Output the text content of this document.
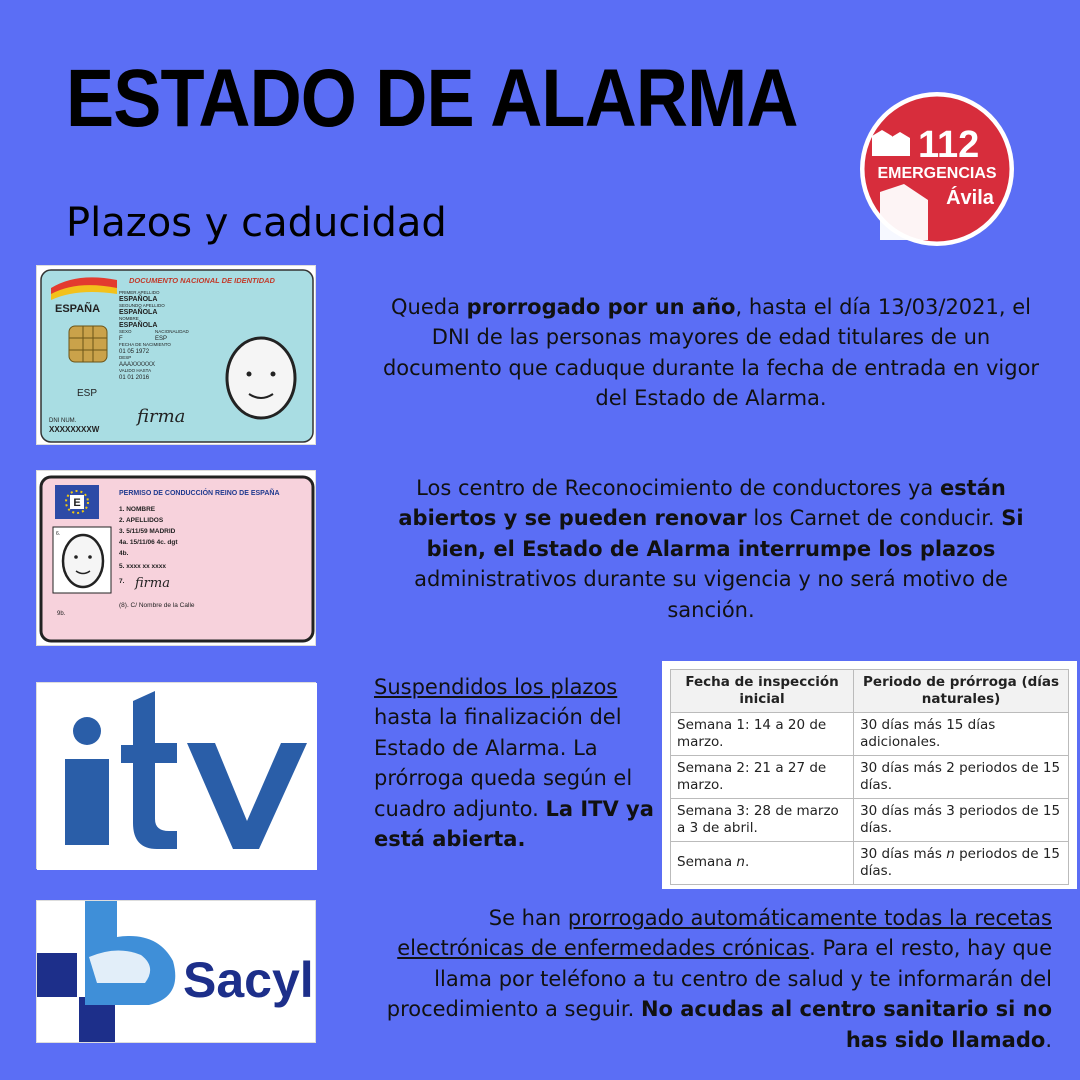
ESTADO DE ALARMA
Plazos y caducidad
112
EMERGENCIAS
Ávila
DOCUMENTO NACIONAL DE IDENTIDAD
ESPAÑA
PRIMER APELLIDO
ESPAÑOLA
SEGUNDO APELLIDO
ESPAÑOLA
NOMBRE
ESPAÑOLA
SEXO	NACIONALIDAD
F	ESP
FECHA DE NACIMIENTO
01 05 1972
DESP
AAAXXXXXX
VALIDO HASTA
01 01 2016
ESP
DNI NUM.
XXXXXXXXW
firma
E
PERMISO DE CONDUCCIÓN REINO DE ESPAÑA
1. NOMBRE
2. APELLIDOS
3. 5/11/59 MADRID
4a. 15/11/06 4c. dgt
4b.
5. xxxx xx xxxx
7.
(8). C/ Nombre de la Calle
firma
6.
9b.
itv
Sacyl
Queda prorrogado por un año, hasta el día 13/03/2021, el DNI de las personas mayores de edad titulares de un documento que caduque durante la fecha de entrada en vigor del Estado de Alarma.
Los centro de Reconocimiento de conductores ya están abiertos y se pueden renovar los Carnet de conducir. Si bien, el Estado de Alarma interrumpe los plazos administrativos durante su vigencia y no será motivo de sanción.
Suspendidos los plazos hasta la finalización del Estado de Alarma. La prórroga queda según el cuadro adjunto. La ITV ya está abierta.
Fecha de inspección inicial	Periodo de prórroga (días naturales)
Semana 1: 14 a 20 de marzo.	30 días más 15 días adicionales.
Semana 2: 21 a 27 de marzo.	30 días más 2 periodos de 15 días.
Semana 3: 28 de marzo a 3 de abril.	30 días más 3 periodos de 15 días.
Semana n.	30 días más n periodos de 15 días.
Se han prorrogado automáticamente todas la recetas electrónicas de enfermedades crónicas. Para el resto, hay que llama por teléfono a tu centro de salud y te informarán del procedimiento a seguir. No acudas al centro sanitario si no has sido llamado.
